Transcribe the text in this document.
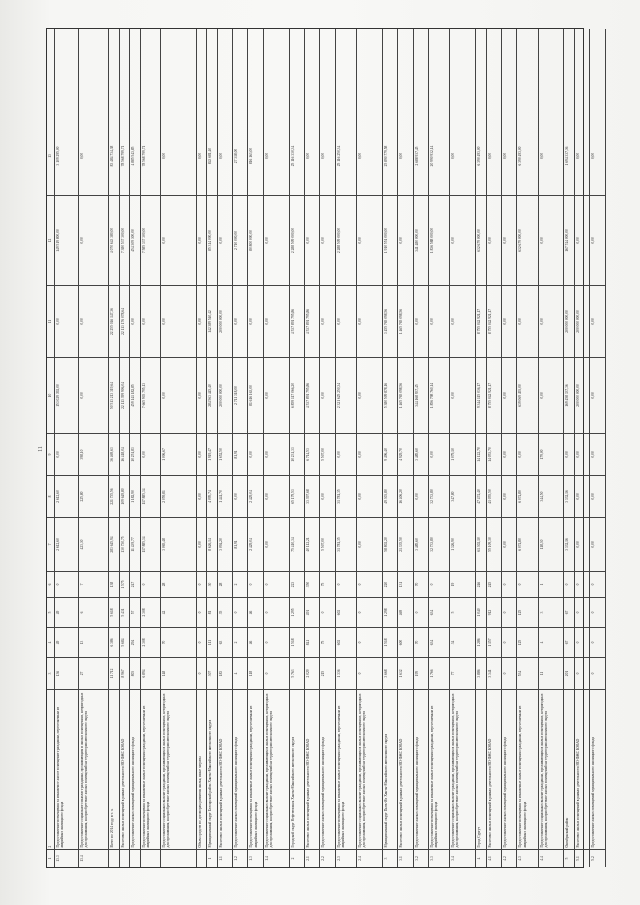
11
1
2
3
4
5
6
7
8
9
10
11
12
13
13.3
Предоставление возмещения за изымаемое жилое помещение гражданам, переселяемым из аварийных жилищного фонда
136
49
49
0
2 612,60
2 612,60
0,00
153 029 392,00
0,00
149 519 800,00
3 109 295,00
13.4
Предоставление социального выплат гражданам, проживающим в жилых помещениях, непригодных для проживания, на приобретение жилых помещений на территории автономного округа
27
13
6
7
423,30
225,80
398,10
0,00
0,00
0,00
0,00
Всего по 2014 году, в т. ч.
11 712
6 386
5 618
138
283 645,94
221 735,56
36 469,63
50 513 213 319,64
22 255 046 147,36
4 070 643 380,00
83 484 734,38
Расселено жилых помещений в рамках деятельности НО ФЖС ЮНАО
8 967
5 684
5 431
1 575
130 730,75
109 649,80
16 418,04
22 113 399 906,04
22 113 176 078,64
7 380 537 300,00
78 568 799,71
Предоставление жилых помещений муниципального жилищного фонда
803
294
57
247
11 439,77
1 182,90
10 251,83
459 141 182,85
0,00
454 309 300,00
4 885 543,85
Предоставление возмещения за изымаемые жилые помещения гражданам, переселяемым из аварийных жилищного фонда
6 894
2 308
2 308
0
117 885,34
117 885,34
0,00
7 665 903 795,13
0,00
7 585 337 300,00
78 568 799,71
Предоставление социальных выплат гражданам, проживающим в жилых помещениях, непригодных для проживания, на приобретение жилых помещений на территории автономного округа
148
70
42
28
3 065,48
2 059,81
1 006,67
0,00
0,00
0,00
0,00
Объем средств по договорам развития жилья, иные затраты
0
0
0
0
0,00
0,00
0,00
0,00
0,00
0,00
0,00
1
Муниципальный округ Белоярский район Ханты-Мансийского автономного округа
307
111
81
30
8 626,14
4 095,74
1 919,47
284 563 445,40
142 389 540,42
85 314 000,00
843 681,40
1.1
Расселено жилых помещений в рамках деятельности НО ФЖС ЮНАО
183
63
35
28
3 094,20
1 441,70
1 652,50
200 000 000,00
200 000 000,00
0,00
0,00
1.2
Предоставление жилых помещений муниципального жилищного фонда
4
2
0
2
81,91
0,00
81,91
2 711 318,00
0,00
2 710 000,00
27 318,00
1.3
Предоставление возмещения за изымаемые жилые помещения гражданам, переселяемым из аварийных жилищного фонда
118
46
46
0
2 429,04
2 429,04
0,00
81 616 163,00
0,00
80 800 000,00
816 163,00
1.4
Предоставление социальных выплат гражданам, проживающим в жилых помещениях, непригодных для проживания, на приобретение жилых помещений на территории автономного округа
0
0
0
0
0,00
0,00
0,00
0,00
0,00
0,00
0,00
2
Городской округ Нефтеюганск Ханты-Мансийского автономного округа
5 763
1 518
1 295
223
75 410,34
65 179,53
10 231,33
6 859 117 066,20
4 537 891 795,86
2 288 509 000,00
25 116 330,34
2.1
Расселено жилых помещений в рамках деятельности НО ФЖС ЮНАО
2 029
841
491
350
40 112,21
33 397,68
6 714,53
4 537 891 795,86
4 537 891 795,86
0,00
0,00
2.2
Предоставление жилых помещений муниципального жилищного фонда
215
75
0
75
5 507,00
0,00
5 507,00
0,00
0,00
0,00
0,00
2.3
Предоставление возмещения за изымаемые жилые помещения гражданам, переселяемым из аварийных жилищного фонда
1 336
602
602
0
31 781,35
31 781,35
0,00
2 321 625 250,34
0,00
2 288 509 000,00
25 116 250,34
2.4
Предоставление социальных выплат гражданам, проживающим в жилых помещениях, непригодных для проживания, на приобретение жилых помещений на территории автономного округа
0
0
0
0
0,00
0,00
0,00
0,00
0,00
0,00
0,00
3
Муниципальный округ Пыть-Ях Ханты-Мансийского автономного округа
3 668
1 518
1 298
220
58 802,20
49 303,80
9 496,40
5 380 509 878,16
3 455 765 098,56
1 910 551 000,00
25 890 779,58
3.1
Расселено жилых помещений в рамках деятельности НО ФЖС ЮНАО
1 632
600
469
131
21 335,50
16 406,20
4 929,70
1 465 765 098,56
1 465 765 098,56
0,00
0,00
3.2
Предоставление жилых помещений муниципального жилищного фонда
195
70
0
70
3 485,60
0,00
3 485,60
344 168 937,45
0,00
341 480 000,00
2 688 937,45
3.3
Предоставление возмещения за изымаемые жилые помещения гражданам, переселяемым из аварийных жилищного фонда
1 766
634
634
0
32 733,80
32 733,80
0,00
1 856 798 760,14
0,00
1 836 588 000,00
20 990 932,14
3.4
Предоставление социальных выплат гражданам, проживающим в жилых помещениях, непригодных для проживания, на приобретение жилых помещений на территории автономного округа
77
34
5
19
1 326,90
347,80
1 079,10
0,00
0,00
0,00
0,00
4
Город Сургут
3 886
1 286
1 040
246
61 302,10
47 474,40
14 122,70
9 344 115 036,17
8 755 042 921,17
632 679 000,00
6 390 493,00
4.1
Расселено жилых помещений в рамках деятельности НО ФЖС ЮНАО
3 341
1 157
912
245
55 109,30
41 055,50
14 053,70
8 755 042 921,17
8 755 042 921,17
0,00
0,00
4.2
Предоставление жилых помещений муниципального жилищного фонда
0
0
0
0
0,00
0,00
0,00
0,00
0,00
0,00
0,00
4.3
Предоставление возмещения за изымаемые жилые помещения гражданам, переселяемым из аварийных жилищного фонда
534
125
125
0
6 074,80
6 074,80
0,00
639 069 493,00
0,00
632 679 000,00
6 390 493,00
4.4
Предоставление социальных выплат гражданам, проживающим в жилых помещениях, непригодных для проживания, на приобретение жилых помещений на территории автономного округа
11
4
3
1
118,30
344,50
179,00
0,00
0,00
0,00
0,00
5
Октябрьский район
201
67
67
0
3 332,16
3 332,16
0,00
169 458 337,36
200 000 000,00
167 744 000,00
1 694 337,36
5.1
Расселено жилых помещений в рамках деятельности НО ФЖС ЮНАО
0
0
0
0
0,00
0,00
0,00
200 000 000,00
200 000 000,00
0,00
0,00
5.2
Предоставление жилых помещений муниципального жилищного фонда
0
0
0
0
0,00
0,00
0,00
0,00
0,00
0,00
0,00
